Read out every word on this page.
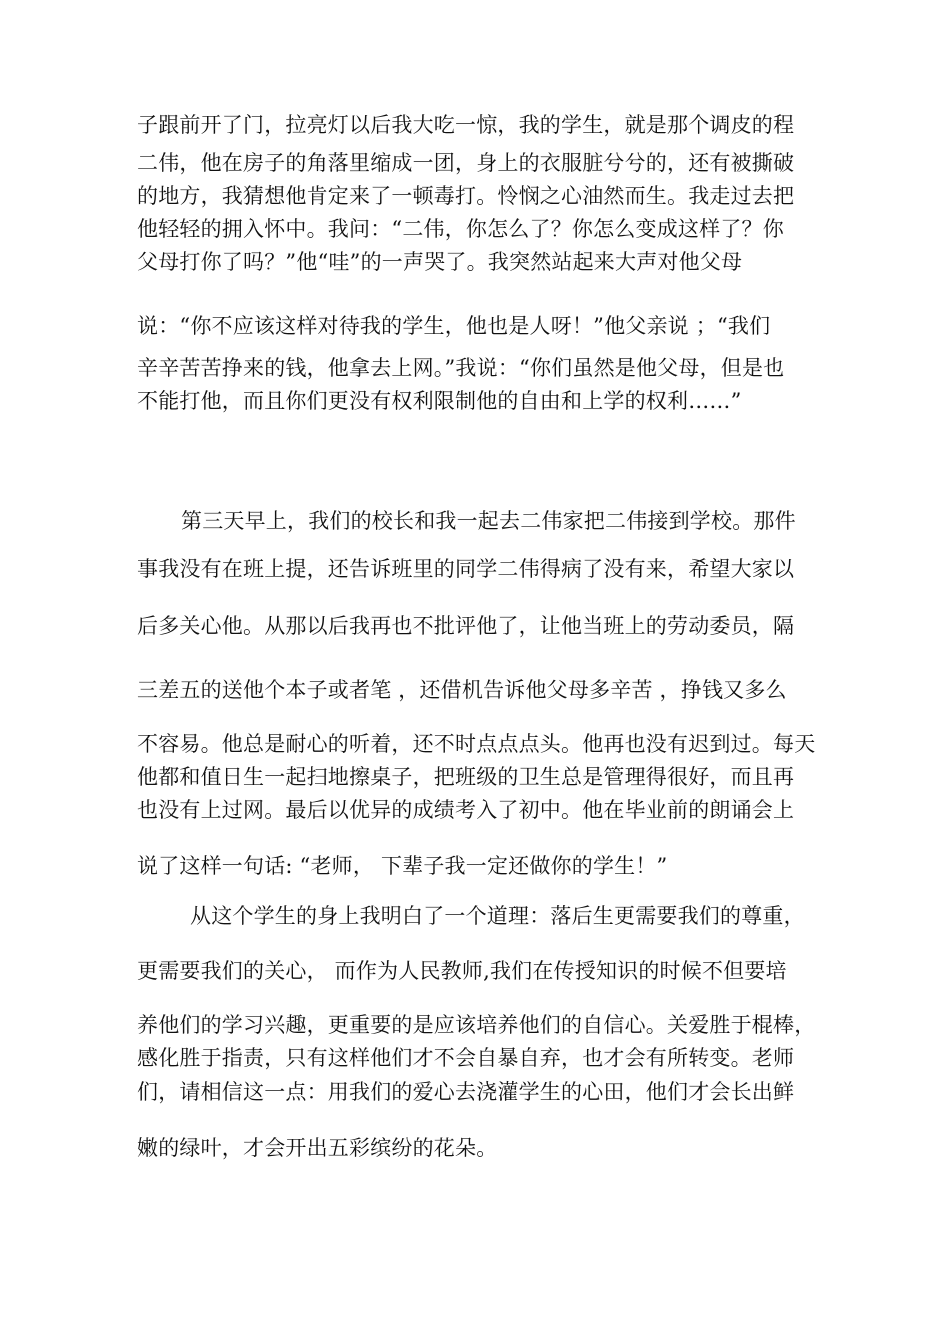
子跟前开了门，拉亮灯以后我大吃一惊，我的学生，就是那个调皮的程
二伟，他在房子的角落里缩成一团，身上的衣服脏兮兮的，还有被撕破
的地方，我猜想他肯定来了一顿毒打。怜悯之心油然而生。我走过去把
他轻轻的拥入怀中。我问：“二伟，你怎么了？你怎么变成这样了？你
父母打你了吗？”他“哇”的一声哭了。我突然站起来大声对他父母
说：“你不应该这样对待我的学生，他也是人呀！”他父亲说 ；“我们
辛辛苦苦挣来的钱，他拿去上网。”我说：“你们虽然是他父母，但是也
不能打他，而且你们更没有权利限制他的自由和上学的权利……”
第三天早上，我们的校长和我一起去二伟家把二伟接到学校。那件
事我没有在班上提，还告诉班里的同学二伟得病了没有来，希望大家以
后多关心他。从那以后我再也不批评他了，让他当班上的劳动委员，隔
三差五的送他个本子或者笔 ，还借机告诉他父母多辛苦 ，挣钱又多么
不容易。他总是耐心的听着，还不时点点点头。他再也没有迟到过。每天
他都和值日生一起扫地擦桌子，把班级的卫生总是管理得很好，而且再
也没有上过网。最后以优异的成绩考入了初中。他在毕业前的朗诵会上
说了这样一句话: “老师， 下辈子我一定还做你的学生！”
从这个学生的身上我明白了一个道理：落后生更需要我们的尊重，
更需要我们的关心， 而作为人民教师,我们在传授知识的时候不但要培
养他们的学习兴趣，更重要的是应该培养他们的自信心。关爱胜于棍棒，
感化胜于指责，只有这样他们才不会自暴自弃，也才会有所转变。老师
们，请相信这一点：用我们的爱心去浇灌学生的心田，他们才会长出鲜
嫩的绿叶，才会开出五彩缤纷的花朵。
